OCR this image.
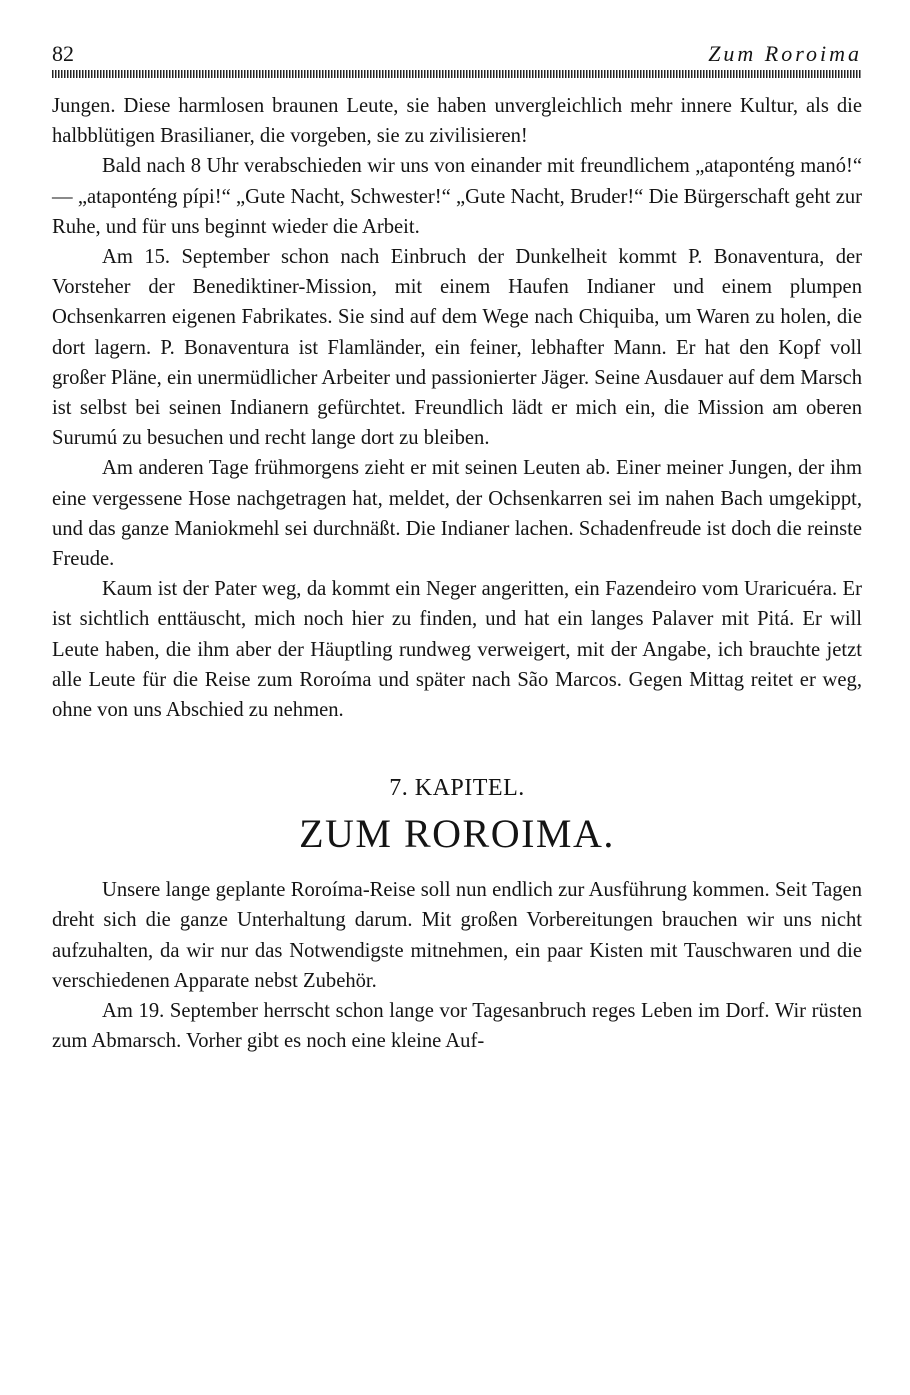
82	Zum Roroima

Jungen. Diese harmlosen braunen Leute, sie haben unvergleichlich mehr innere Kultur, als die halbblütigen Brasilianer, die vorgeben, sie zu zivilisieren!

Bald nach 8 Uhr verabschieden wir uns von einander mit freundlichem „ataponténg manó!“ — „ataponténg pípi!“ „Gute Nacht, Schwester!“ „Gute Nacht, Bruder!“ Die Bürgerschaft geht zur Ruhe, und für uns beginnt wieder die Arbeit.

Am 15. September schon nach Einbruch der Dunkelheit kommt P. Bonaventura, der Vorsteher der Benediktiner-Mission, mit einem Haufen Indianer und einem plumpen Ochsenkarren eigenen Fabrikates. Sie sind auf dem Wege nach Chiquiba, um Waren zu holen, die dort lagern. P. Bonaventura ist Flamländer, ein feiner, lebhafter Mann. Er hat den Kopf voll großer Pläne, ein unermüdlicher Arbeiter und passionierter Jäger. Seine Ausdauer auf dem Marsch ist selbst bei seinen Indianern gefürchtet. Freundlich lädt er mich ein, die Mission am oberen Surumú zu besuchen und recht lange dort zu bleiben.

Am anderen Tage frühmorgens zieht er mit seinen Leuten ab. Einer meiner Jungen, der ihm eine vergessene Hose nachgetragen hat, meldet, der Ochsenkarren sei im nahen Bach umgekippt, und das ganze Maniokmehl sei durchnäßt. Die Indianer lachen. Schadenfreude ist doch die reinste Freude.

Kaum ist der Pater weg, da kommt ein Neger angeritten, ein Fazendeiro vom Uraricuéra. Er ist sichtlich enttäuscht, mich noch hier zu finden, und hat ein langes Palaver mit Pitá. Er will Leute haben, die ihm aber der Häuptling rundweg verweigert, mit der Angabe, ich brauchte jetzt alle Leute für die Reise zum Roroíma und später nach São Marcos. Gegen Mittag reitet er weg, ohne von uns Abschied zu nehmen.

7. KAPITEL.
ZUM ROROIMA.

Unsere lange geplante Roroíma-Reise soll nun endlich zur Ausführung kommen. Seit Tagen dreht sich die ganze Unterhaltung darum. Mit großen Vorbereitungen brauchen wir uns nicht aufzuhalten, da wir nur das Notwendigste mitnehmen, ein paar Kisten mit Tauschwaren und die verschiedenen Apparate nebst Zubehör.

Am 19. September herrscht schon lange vor Tagesanbruch reges Leben im Dorf. Wir rüsten zum Abmarsch. Vorher gibt es noch eine kleine Auf-
